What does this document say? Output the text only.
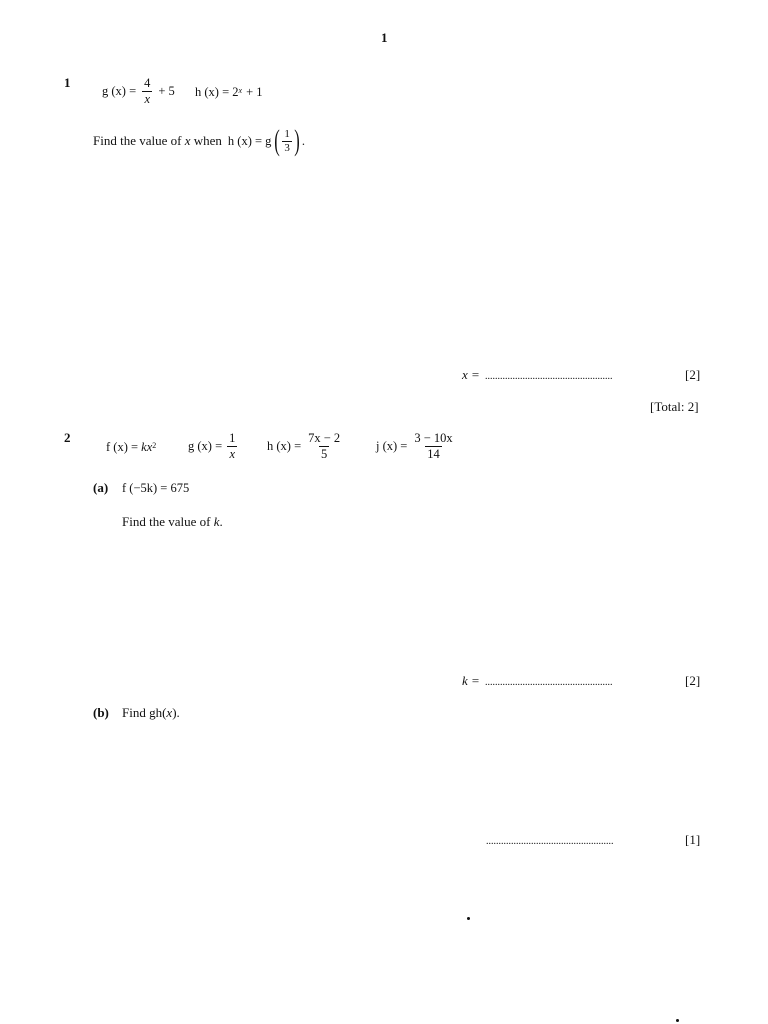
1
1
g $(x) = \frac{4}{x} + 5$ h (x) = 2 $^x$ + 1
Find the value of
x
when h (x) = g ( $\frac{1}{3}$ ) .
x = ...................................................	[2]
[Total: 2]
2
f (x) =
$kx^2$	g $(x) = \frac{1}{x}$ h $(x) = \frac{7x - 2}{5}$	j $(x) = \frac{3 - 10x}{14}$
(a) f (−5k) = 675
Find the value of k.
k = ...................................................	[2]
(b) Find gh(x).
...................................................	[1]
